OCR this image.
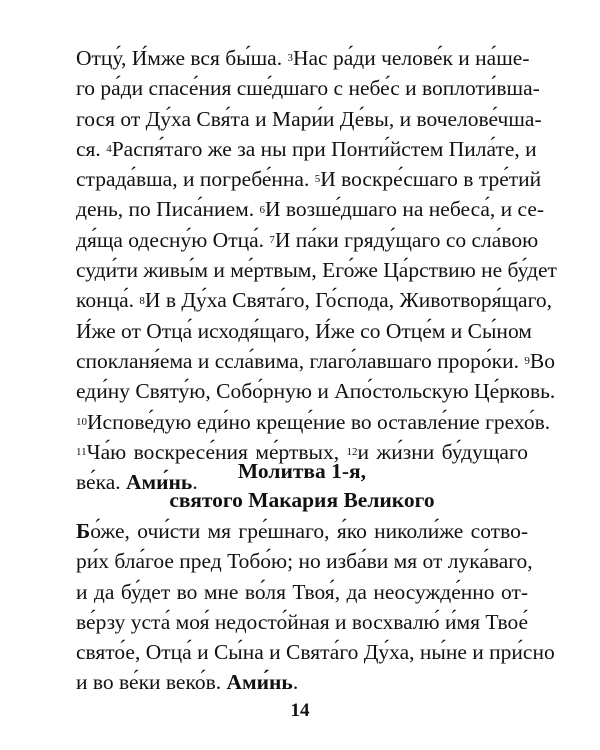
Отцу́, И́мже вся бы́ша. $^3$Нас ра́ди челове́к и на́ше-
го ра́ди спасе́ния сше́дшаго с небе́с и воплоти́вша-
гося от Ду́ха Свя́та и Мари́и Де́вы, и вочелове́чша-
ся. $^4$Распя́таго же за ны при Понти́йстем Пила́те, и
страда́вша, и погребе́нна. $^5$И воскре́сшаго в тре́тий
день, по Писа́нием. $^6$И возше́дшаго на небеса́, и се-
дя́ща одесну́ю Отца́. $^7$И па́ки гряду́щаго со сла́вою
суди́ти живы́м и ме́ртвым, Его́же Ца́рствию не бу́дет
конца́. $^8$И в Ду́ха Свята́го, Го́спода, Животворя́щаго,
И́же от Отца́ исходя́щаго, И́же со Отце́м и Сы́ном
спокланя́ема и ссла́вима, глаго́лавшаго проро́ки. $^9$Во
еди́ну Святу́ю, Собо́рную и Апо́стольскую Це́рковь.
$^{10}$Испове́дую еди́но креще́ние во оставле́ние грехо́в.
$^{11}$Ча́ю воскресе́ния ме́ртвых, $^{12}$и жи́зни бу́дущаго
ве́ка. Ами́нь.	Молитва 1-я,
святого Макария Великого
Бо́же, очи́сти мя гре́шнаго, я́ко николи́же сотво-
ри́х бла́гое пред Тобо́ю; но изба́ви мя от лука́ваго,
и да бу́дет во мне во́ля Твоя́, да неосужде́нно от-
ве́рзу уста́ моя́ недосто́йная и восхвалю́ и́мя Твое́
свято́е, Отца́ и Сы́на и Свята́го Ду́ха, ны́не и при́сно
и во ве́ки веко́в. Ами́нь.
14
